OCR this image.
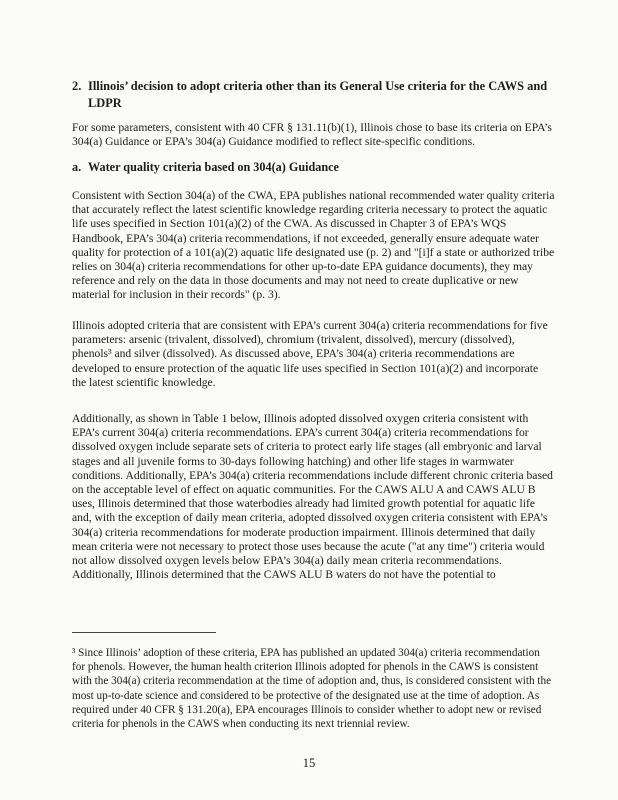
2. Illinois’ decision to adopt criteria other than its General Use criteria for the CAWS and
LDPR

For some parameters, consistent with 40 CFR § 131.11(b)(1), Illinois chose to base its criteria on EPA’s 304(a) Guidance or EPA’s 304(a) Guidance modified to reflect site-specific conditions.

a. Water quality criteria based on 304(a) Guidance

Consistent with Section 304(a) of the CWA, EPA publishes national recommended water quality criteria that accurately reflect the latest scientific knowledge regarding criteria necessary to protect the aquatic life uses specified in Section 101(a)(2) of the CWA. As discussed in Chapter 3 of EPA’s WQS Handbook, EPA’s 304(a) criteria recommendations, if not exceeded, generally ensure adequate water quality for protection of a 101(a)(2) aquatic life designated use (p. 2) and "[i]f a state or authorized tribe relies on 304(a) criteria recommendations for other up-to-date EPA guidance documents), they may reference and rely on the data in those documents and may not need to create duplicative or new material for inclusion in their records" (p. 3).

Illinois adopted criteria that are consistent with EPA’s current 304(a) criteria recommendations for five parameters: arsenic (trivalent, dissolved), chromium (trivalent, dissolved), mercury (dissolved), phenols³ and silver (dissolved). As discussed above, EPA’s 304(a) criteria recommendations are developed to ensure protection of the aquatic life uses specified in Section 101(a)(2) and incorporate the latest scientific knowledge.

Additionally, as shown in Table 1 below, Illinois adopted dissolved oxygen criteria consistent with EPA’s current 304(a) criteria recommendations. EPA’s current 304(a) criteria recommendations for dissolved oxygen include separate sets of criteria to protect early life stages (all embryonic and larval stages and all juvenile forms to 30-days following hatching) and other life stages in warmwater conditions. Additionally, EPA’s 304(a) criteria recommendations include different chronic criteria based on the acceptable level of effect on aquatic communities. For the CAWS ALU A and CAWS ALU B uses, Illinois determined that those waterbodies already had limited growth potential for aquatic life and, with the exception of daily mean criteria, adopted dissolved oxygen criteria consistent with EPA’s 304(a) criteria recommendations for moderate production impairment. Illinois determined that daily mean criteria were not necessary to protect those uses because the acute ("at any time") criteria would not allow dissolved oxygen levels below EPA’s 304(a) daily mean criteria recommendations. Additionally, Illinois determined that the CAWS ALU B waters do not have the potential to

³ Since Illinois’ adoption of these criteria, EPA has published an updated 304(a) criteria recommendation for phenols. However, the human health criterion Illinois adopted for phenols in the CAWS is consistent with the 304(a) criteria recommendation at the time of adoption and, thus, is considered consistent with the most up-to-date science and considered to be protective of the designated use at the time of adoption. As required under 40 CFR § 131.20(a), EPA encourages Illinois to consider whether to adopt new or revised criteria for phenols in the CAWS when conducting its next triennial review.

15
